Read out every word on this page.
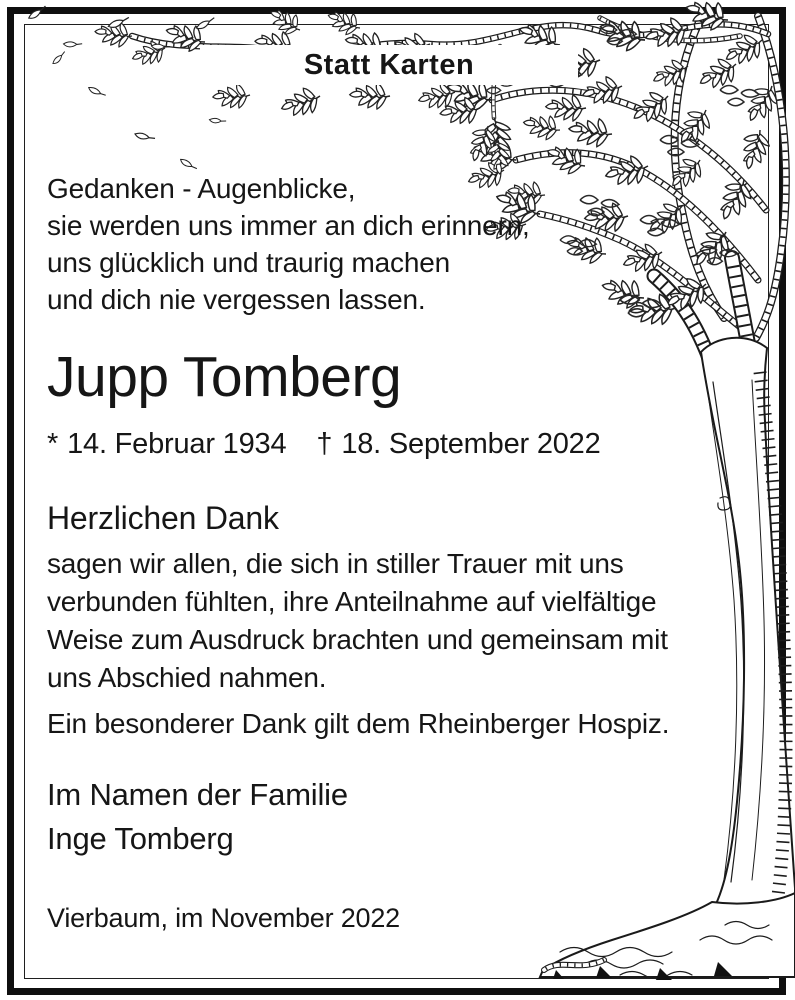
Statt Karten
Gedanken - Augenblicke,
sie werden uns immer an dich erinnern,
uns glücklich und traurig machen
und dich nie vergessen lassen.
Jupp Tomberg
* 14. Februar 1934 † 18. September 2022
Herzlichen Dank
sagen wir allen, die sich in stiller Trauer mit uns
verbunden fühlten, ihre Anteilnahme auf vielfältige
Weise zum Ausdruck brachten und gemeinsam mit
uns Abschied nahmen.
Ein besonderer Dank gilt dem Rheinberger Hospiz.
Im Namen der Familie
Inge Tomberg
Vierbaum, im November 2022
